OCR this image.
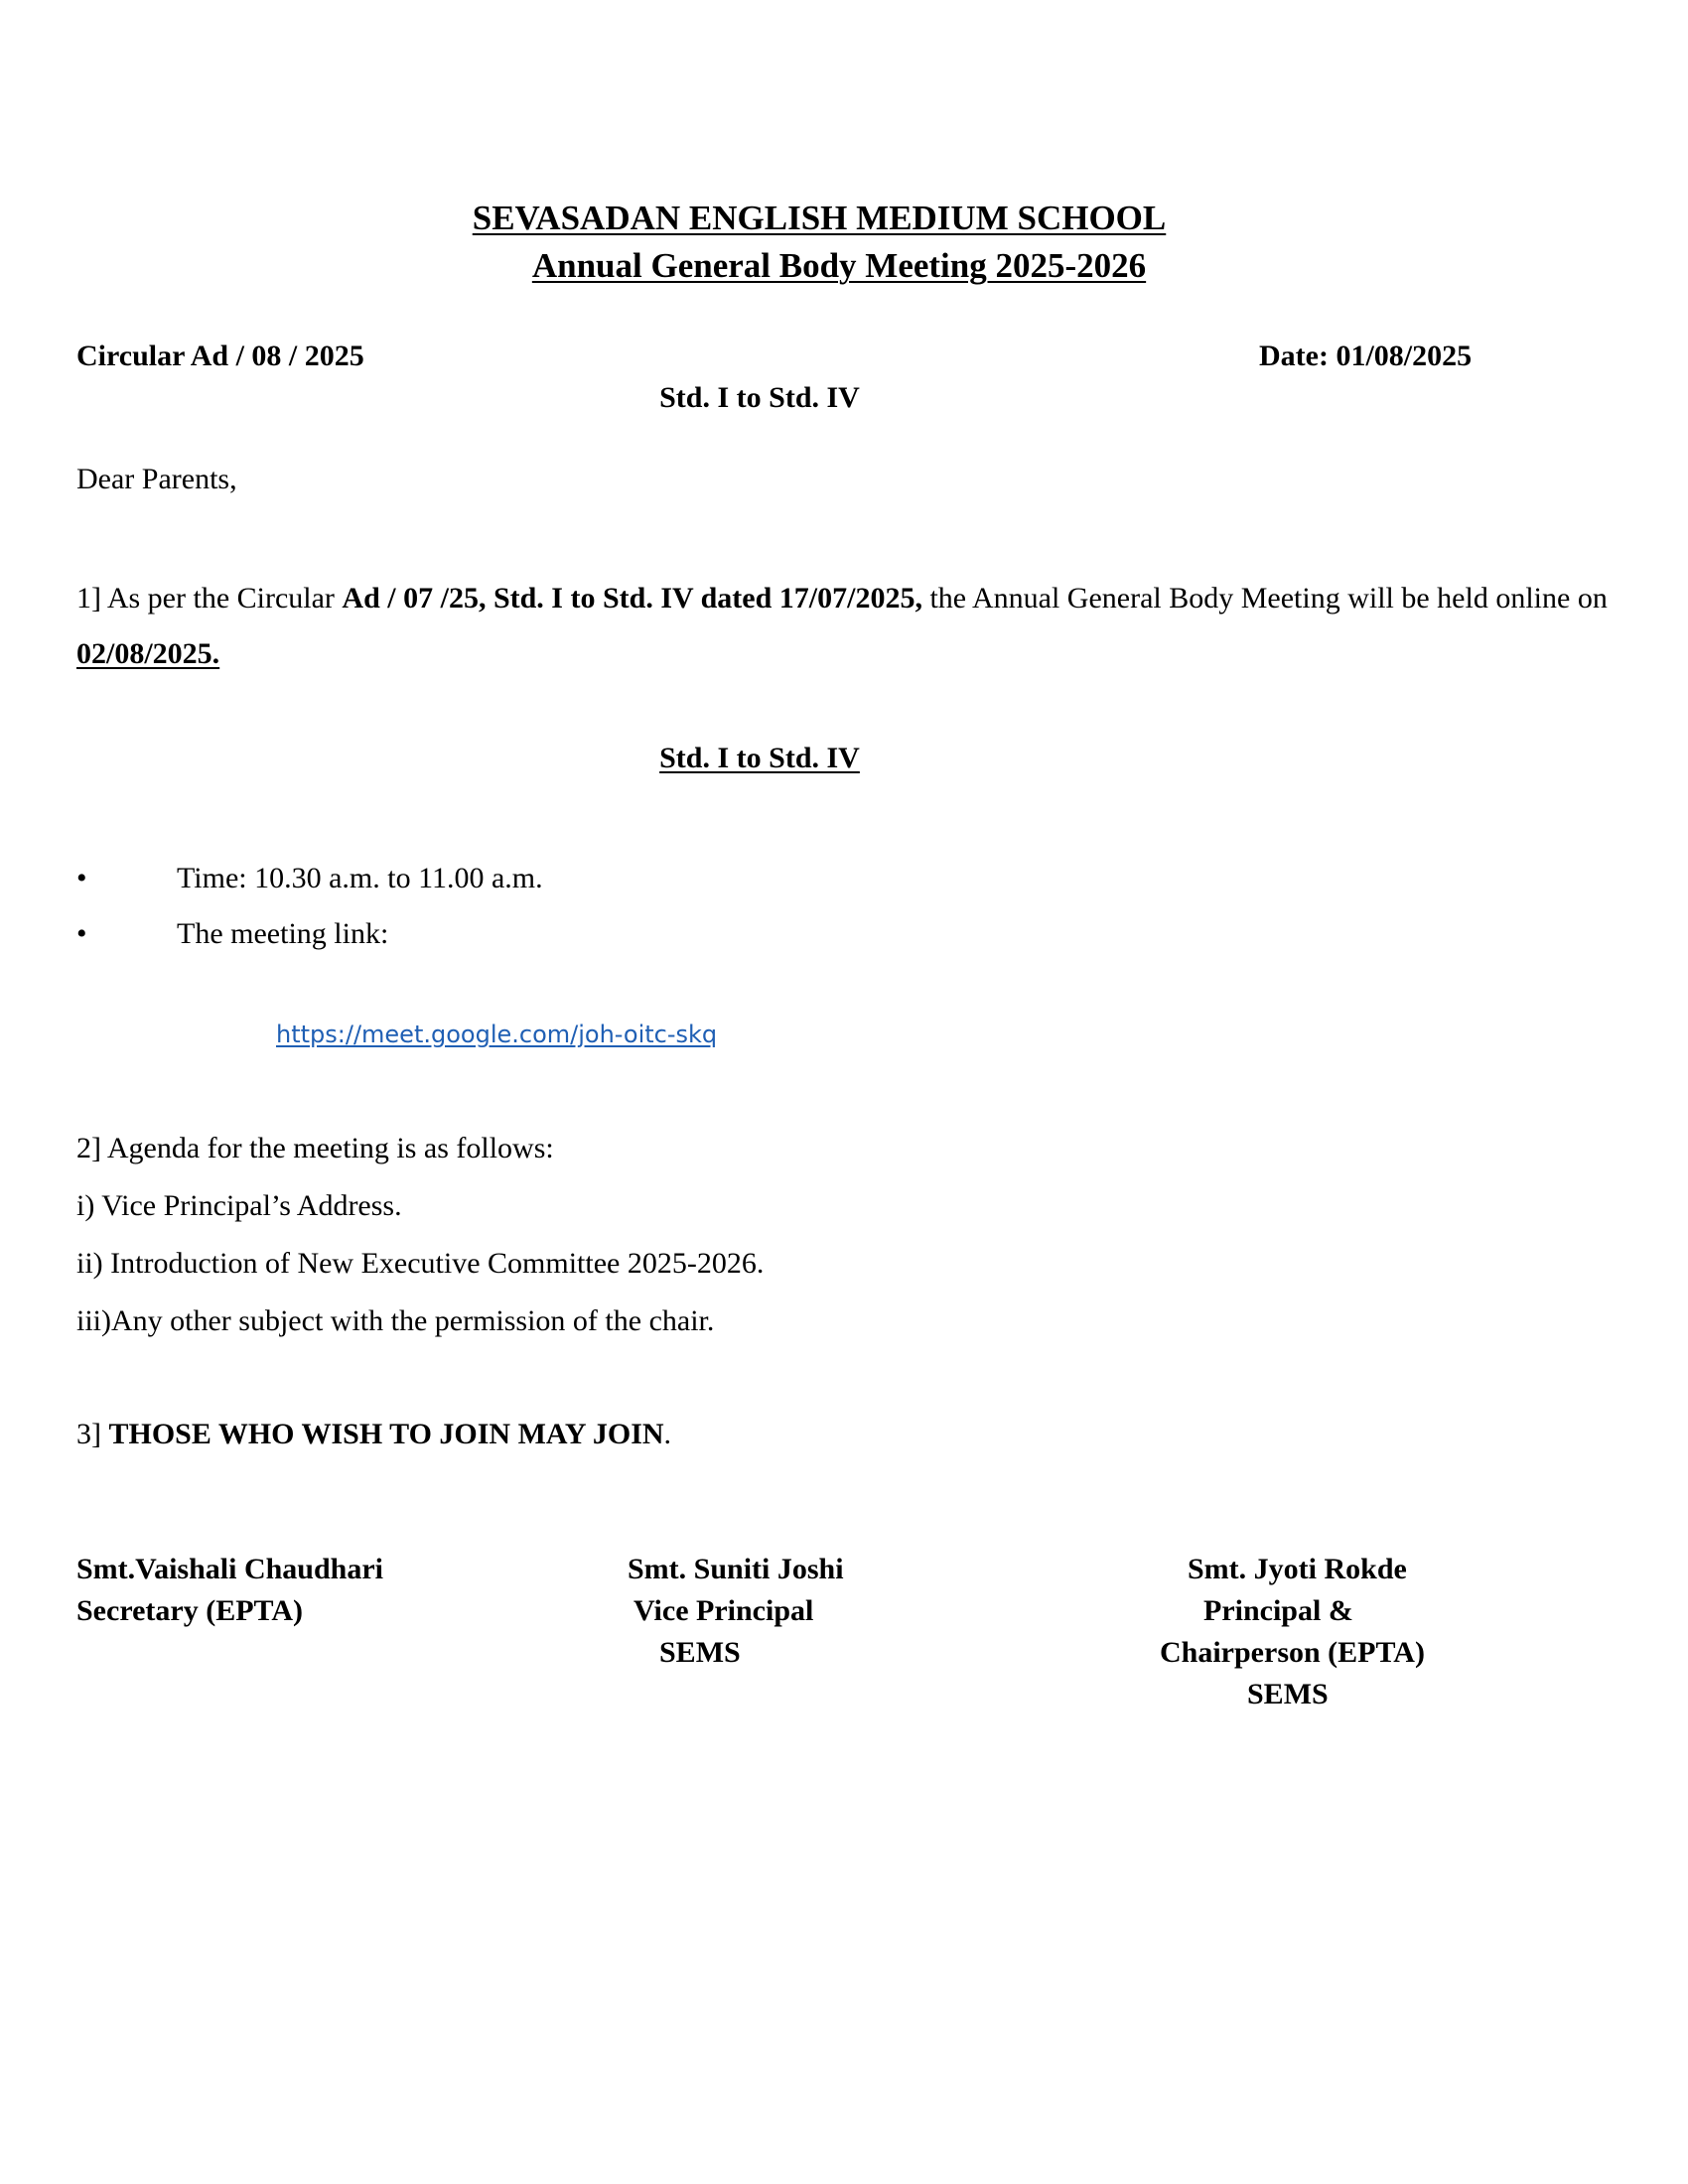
SEVASADAN ENGLISH MEDIUM SCHOOL
Annual General Body Meeting 2025-2026
Circular Ad / 08 / 2025	Date: 01/08/2025
Std. I to Std. IV
Dear Parents,
1] As per the Circular Ad / 07 /25, Std. I to Std. IV dated 17/07/2025, the Annual General Body Meeting will be held online on 02/08/2025.
Std. I to Std. IV
•	Time: 10.30 a.m. to 11.00 a.m.
•	The meeting link:
https://meet.google.com/joh-oitc-skq
2] Agenda for the meeting is as follows:
i) Vice Principal’s Address.
ii) Introduction of New Executive Committee 2025-2026.
iii)Any other subject with the permission of the chair.
3] THOSE WHO WISH TO JOIN MAY JOIN.
Smt.Vaishali Chaudhari
Secretary (EPTA)
Smt. Suniti Joshi
Vice Principal
SEMS
Smt. Jyoti Rokde
Principal &
Chairperson (EPTA)
SEMS
